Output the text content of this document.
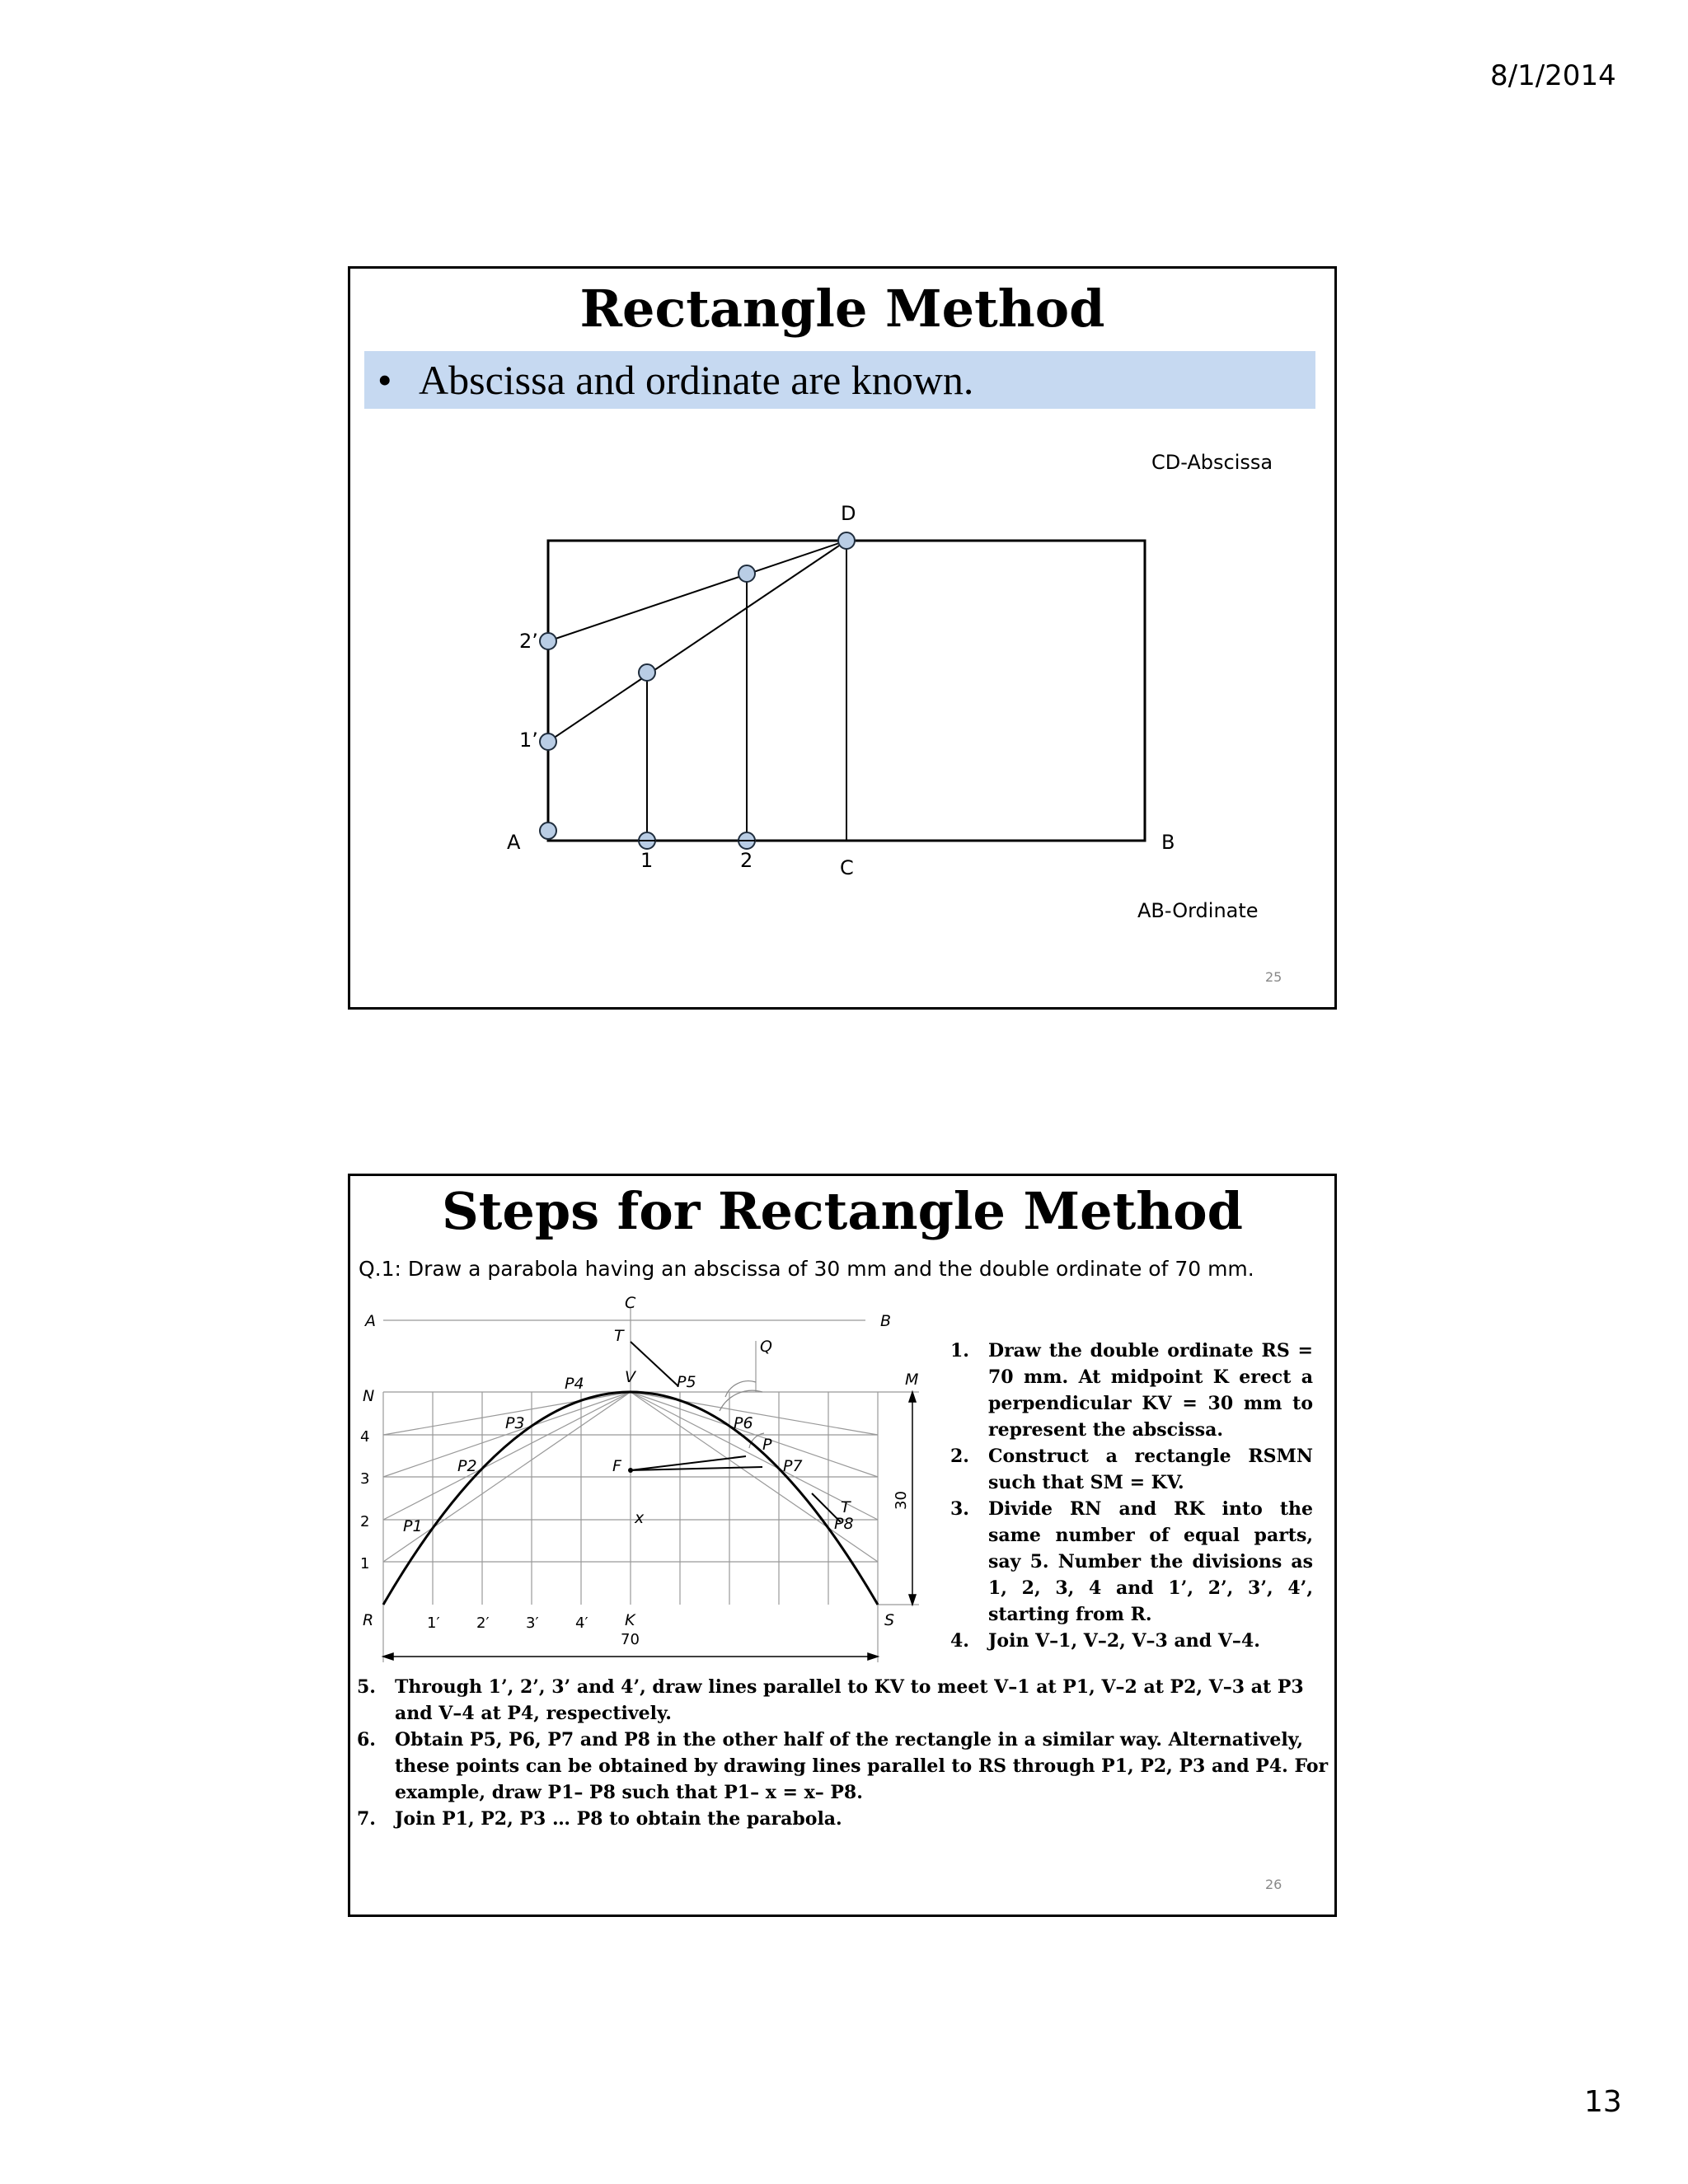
8/1/2014
Rectangle Method
• Abscissa and ordinate are known.
D
2’
1’
A
1	2	C
B
CD-Abscissa
AB-Ordinate
25
Steps for Rectangle Method
Q.1: Draw a parabola having an abscissa of 30 mm and the double ordinate of 70 mm.
A
C
B
T
Q
N
M
V
P4	P5
P3	P6
P
P2	F	P7
T
P1	x	P8
R	S
K
4
3
2
1
1′ 2′ 3′ 4′
70
30
1. Draw the double ordinate RS = 70 mm. At midpoint K erect a perpendicular KV = 30 mm to represent the abscissa.
2. Construct a rectangle RSMN such that SM = KV.
3. Divide RN and RK into the same number of equal parts, say 5. Number the divisions as 1, 2, 3, 4 and 1’, 2’, 3’, 4’, starting from R.
4. Join V–1, V–2, V–3 and V–4.
5. Through 1’, 2’, 3’ and 4’, draw lines parallel to KV to meet V–1 at P1, V–2 at P2, V–3 at P3 and V–4 at P4, respectively.
6. Obtain P5, P6, P7 and P8 in the other half of the rectangle in a similar way. Alternatively, these points can be obtained by drawing lines parallel to RS through P1, P2, P3 and P4. For example, draw P1– P8 such that P1– x = x– P8.
7. Join P1, P2, P3 … P8 to obtain the parabola.
26
13
